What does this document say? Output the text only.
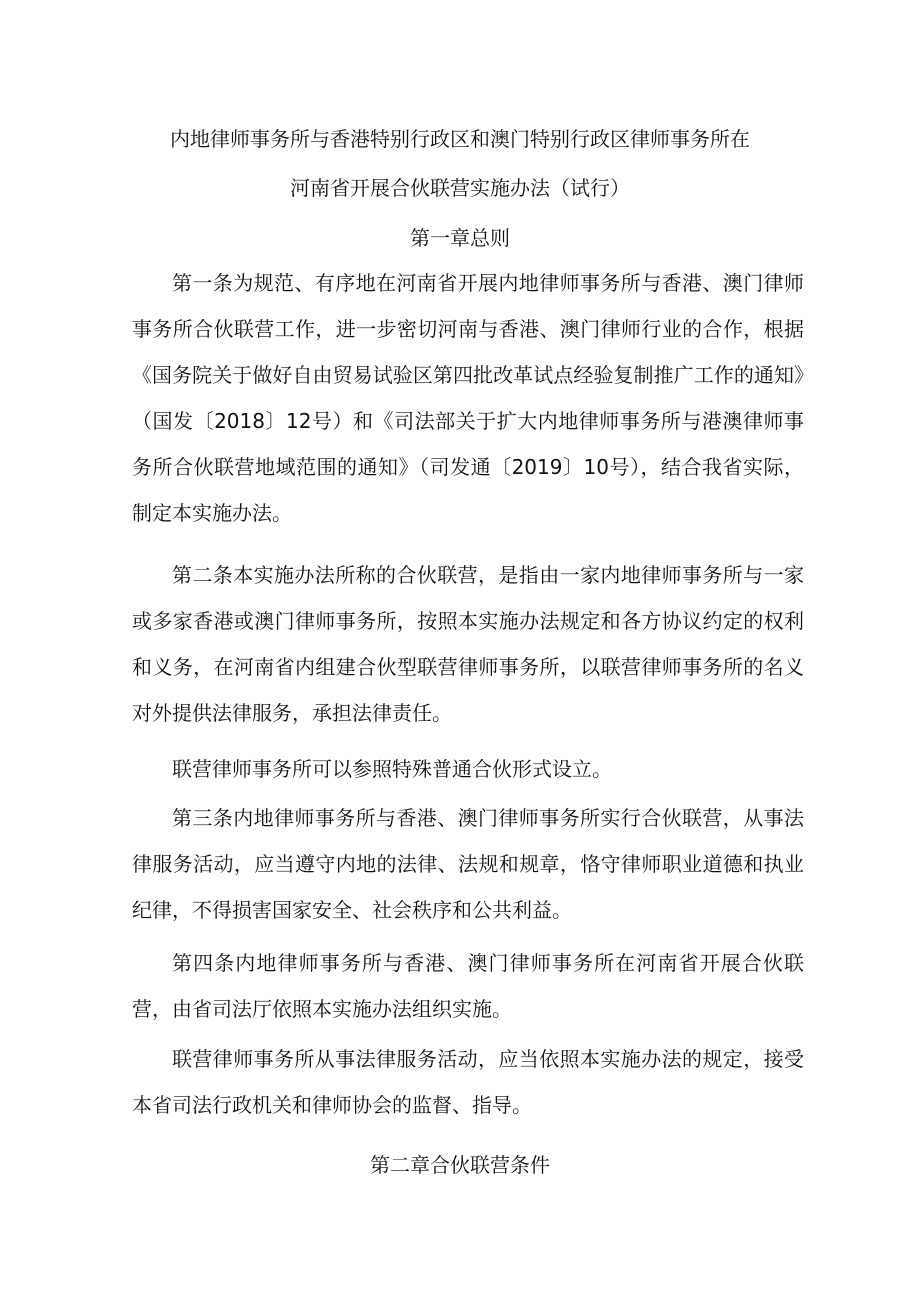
内地律师事务所与香港特别行政区和澳门特别行政区律师事务所在
河南省开展合伙联营实施办法（试行）
第一章总则

第一条为规范、有序地在河南省开展内地律师事务所与香港、澳门律师事务所合伙联营工作，进一步密切河南与香港、澳门律师行业的合作，根据《国务院关于做好自由贸易试验区第四批改革试点经验复制推广工作的通知》（国发〔2018〕12号）和《司法部关于扩大内地律师事务所与港澳律师事务所合伙联营地域范围的通知》（司发通〔2019〕10号），结合我省实际，制定本实施办法。

第二条本实施办法所称的合伙联营，是指由一家内地律师事务所与一家或多家香港或澳门律师事务所，按照本实施办法规定和各方协议约定的权利和义务，在河南省内组建合伙型联营律师事务所，以联营律师事务所的名义对外提供法律服务，承担法律责任。

联营律师事务所可以参照特殊普通合伙形式设立。

第三条内地律师事务所与香港、澳门律师事务所实行合伙联营，从事法律服务活动，应当遵守内地的法律、法规和规章，恪守律师职业道德和执业纪律，不得损害国家安全、社会秩序和公共利益。

第四条内地律师事务所与香港、澳门律师事务所在河南省开展合伙联营，由省司法厅依照本实施办法组织实施。

联营律师事务所从事法律服务活动，应当依照本实施办法的规定，接受本省司法行政机关和律师协会的监督、指导。

第二章合伙联营条件
